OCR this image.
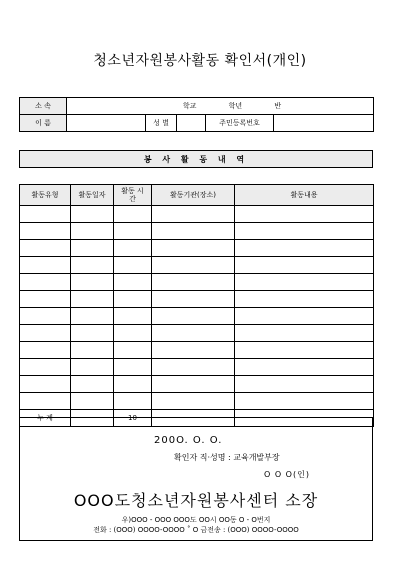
청소년자원봉사활동 확인서(개인)
소 속	학교 학년 반				
이 름		성 별		주민등록번호	
봉 사 활 동 내 역
활동유형	활동일자	활동 시간	활동기관(장소)	활동내용

누 계		10		
200O. O. O.
확인자 직·성명 : 교육개발부장
O O O(인)
OOO도청소년자원봉사센터 소장
우)OOO - OOO OOO도 OO시 OO동 O - O번지
전화 : (OOO) OOOO-OOOO ˚ O 금전송 : (OOO) OOOO-OOOO
